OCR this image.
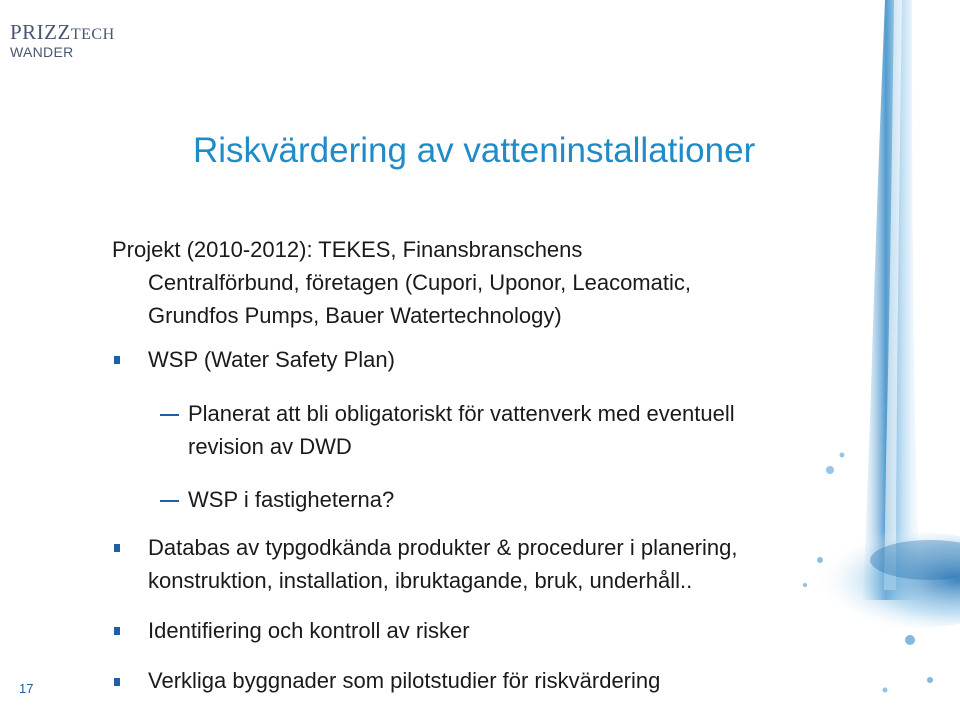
PRIZZTECH
WANDER
Riskvärdering av vatteninstallationer
Projekt (2010-2012): TEKES, Finansbranschens
Centralförbund, företagen (Cupori, Uponor, Leacomatic,
Grundfos Pumps, Bauer Watertechnology)
WSP (Water Safety Plan)
Planerat att bli obligatoriskt för vattenverk med eventuell
revision av DWD
WSP i fastigheterna?
Databas av typgodkända produkter & procedurer i planering,
konstruktion, installation, ibruktagande, bruk, underhåll..
Identifiering och kontroll av risker
Verkliga byggnader som pilotstudier för riskvärdering
17
